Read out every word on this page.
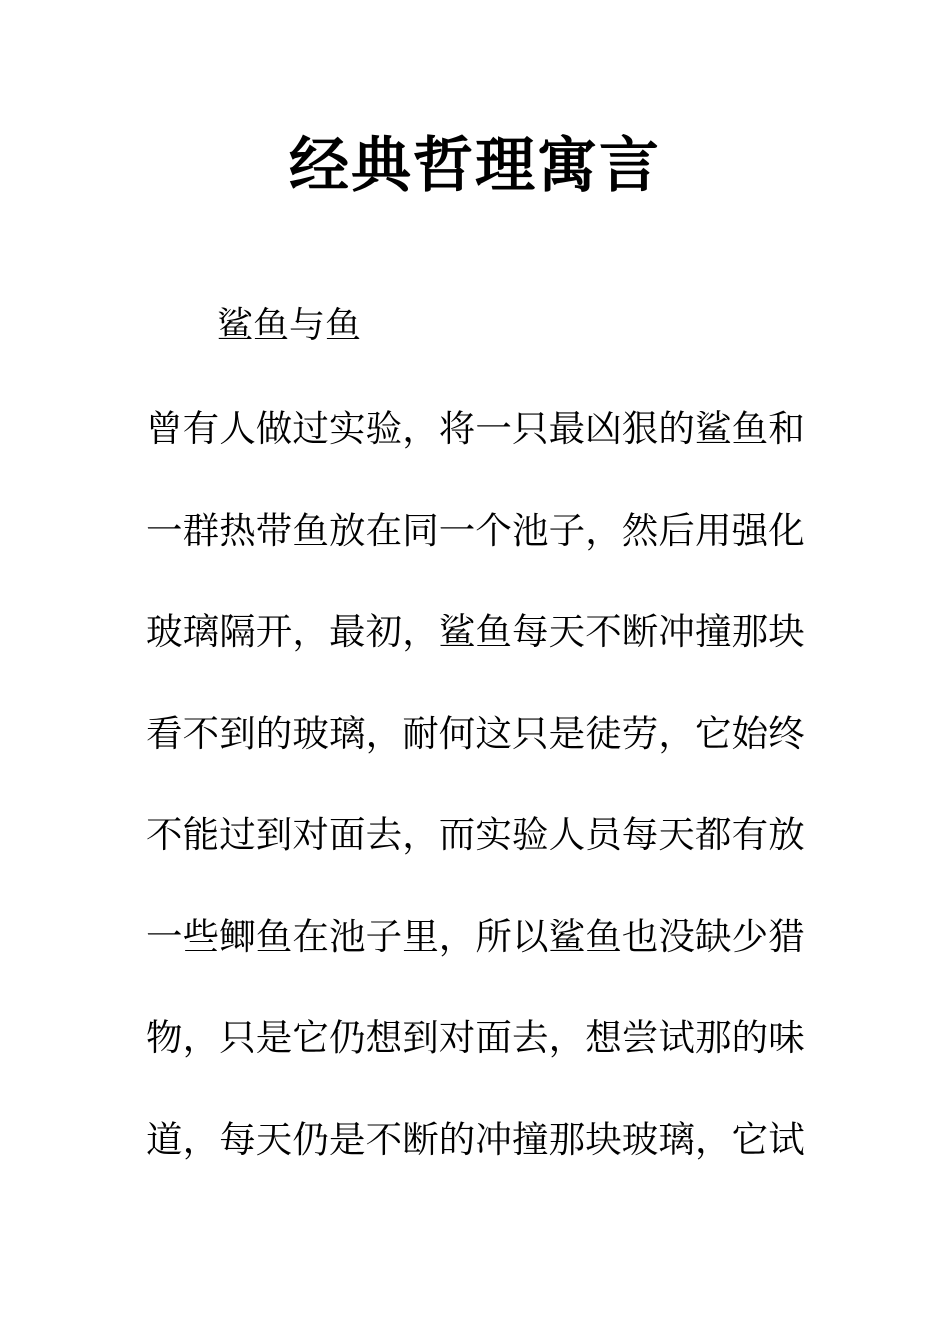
经典哲理寓言

鲨鱼与鱼

曾有人做过实验，将一只最凶狠的鲨鱼和
一群热带鱼放在同一个池子，然后用强化
玻璃隔开，最初，鲨鱼每天不断冲撞那块
看不到的玻璃，耐何这只是徒劳，它始终
不能过到对面去，而实验人员每天都有放
一些鲫鱼在池子里，所以鲨鱼也没缺少猎
物，只是它仍想到对面去，想尝试那的味
道，每天仍是不断的冲撞那块玻璃，它试
